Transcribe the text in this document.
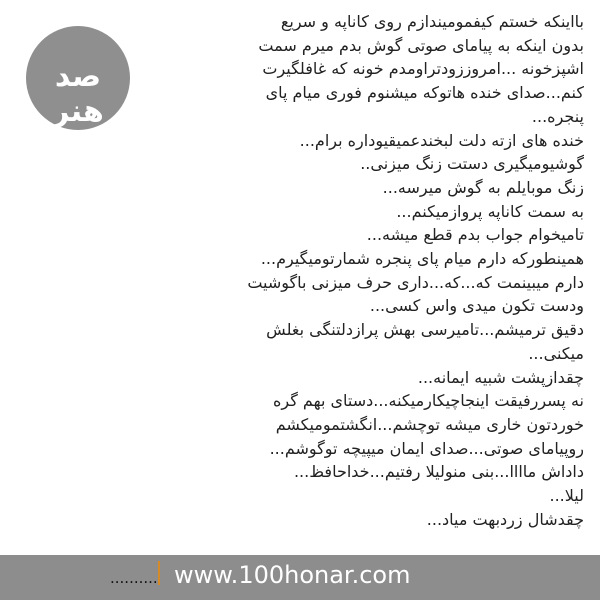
صد هنر
بااینکه خستم کیفمومیندازم روی کاناپه و سریع
بدون اینکه به پیامای صوتی گوش بدم میرم سمت
اشپزخونه ...امروززودتراومدم خونه که غافلگیرت
کنم...صدای خنده هاتوکه میشنوم فوری میام پای
پنجره...
خنده های ازته دلت لبخندعمیقیوداره برام...
گوشیومیگیری دستت زنگ میزنی..
زنگ موبایلم به گوش میرسه...
به سمت کاناپه پروازمیکنم...
تامیخوام جواب بدم قطع میشه...
همینطورکه دارم میام پای پنجره شمارتومیگیرم...
دارم میبینمت که...که...داری حرف میزنی باگوشیت
ودست تکون میدی واس کسی...
دقیق ترمیشم...تامیرسی بهش پرازدلتنگی بغلش
میکنی...
چقدازپشت شبیه ایمانه...
نه پسررفیقت اینجاچیکارمیکنه...دستای بهم گره
خوردتون خاری میشه توچشم...انگشتمومیکشم
روپیامای صوتی...صدای ایمان میپیچه توگوشم...
داداش ماااا...بنی منولیلا رفتیم...خداحافظ...
لیلا...
چقدشال زردبهت میاد...
.......... www.100honar.com
